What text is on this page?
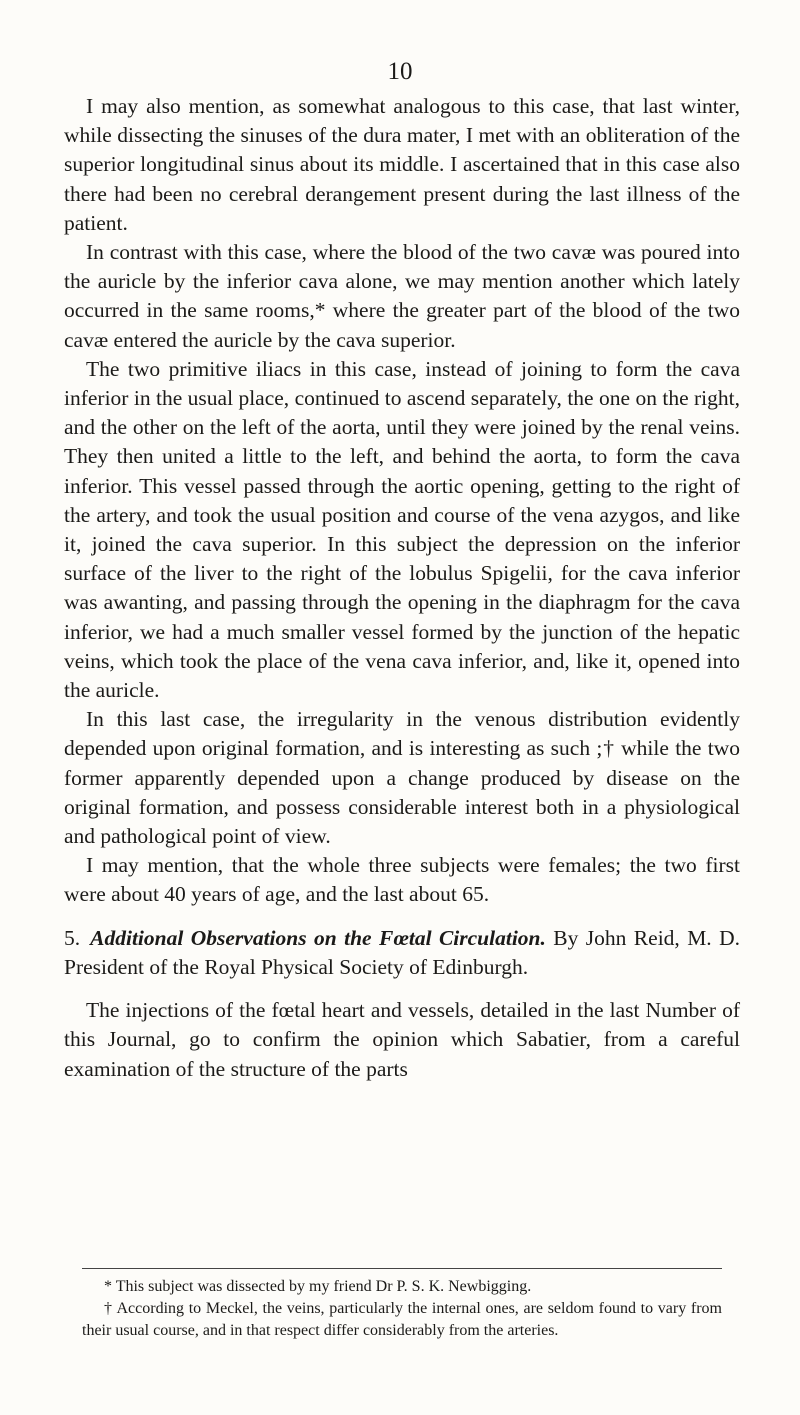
10

I may also mention, as somewhat analogous to this case, that last winter, while dissecting the sinuses of the dura mater, I met with an obliteration of the superior longitudinal sinus about its middle. I ascertained that in this case also there had been no cerebral derangement present during the last illness of the patient.

In contrast with this case, where the blood of the two cavæ was poured into the auricle by the inferior cava alone, we may mention another which lately occurred in the same rooms,* where the greater part of the blood of the two cavæ entered the auricle by the cava superior.

The two primitive iliacs in this case, instead of joining to form the cava inferior in the usual place, continued to ascend separately, the one on the right, and the other on the left of the aorta, until they were joined by the renal veins. They then united a little to the left, and behind the aorta, to form the cava inferior. This vessel passed through the aortic opening, getting to the right of the artery, and took the usual position and course of the vena azygos, and like it, joined the cava superior. In this subject the depression on the inferior surface of the liver to the right of the lobulus Spigelii, for the cava inferior was awanting, and passing through the opening in the diaphragm for the cava inferior, we had a much smaller vessel formed by the junction of the hepatic veins, which took the place of the vena cava inferior, and, like it, opened into the auricle.

In this last case, the irregularity in the venous distribution evidently depended upon original formation, and is interesting as such ;† while the two former apparently depended upon a change produced by disease on the original formation, and possess considerable interest both in a physiological and pathological point of view.

I may mention, that the whole three subjects were females; the two first were about 40 years of age, and the last about 65.

5. Additional Observations on the Fœtal Circulation. By John Reid, M. D. President of the Royal Physical Society of Edinburgh.

The injections of the fœtal heart and vessels, detailed in the last Number of this Journal, go to confirm the opinion which Sabatier, from a careful examination of the structure of the parts

* This subject was dissected by my friend Dr P. S. K. Newbigging.

† According to Meckel, the veins, particularly the internal ones, are seldom found to vary from their usual course, and in that respect differ considerably from the arteries.
